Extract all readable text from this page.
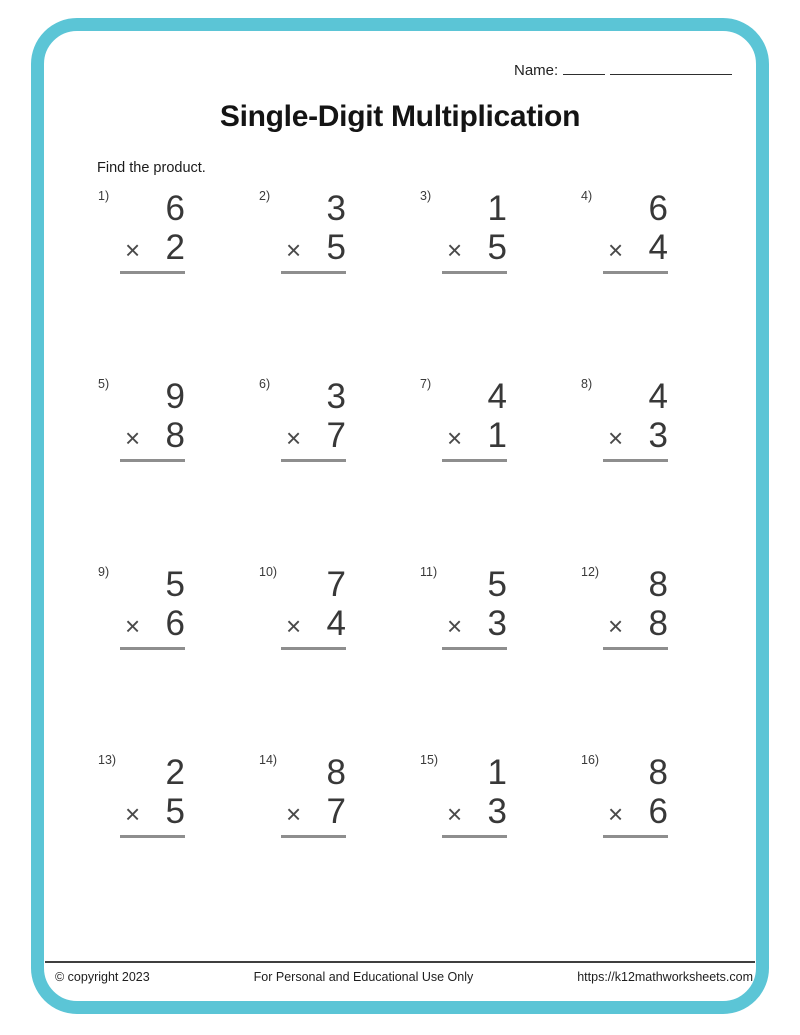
Name:
Single-Digit Multiplication
Find the product.
1)	6
× 2
2)	3
× 5
3)	1
× 5
4)	6
× 4
5)	9
× 8
6)	3
× 7
7)	4
× 1
8)	4
× 3
9)	5
× 6
10)	7
× 4
11)	5
× 3
12)	8
× 8
13)	2
× 5
14)	8
× 7
15)	1
× 3
16)	8
× 6
© copyright 2023	For Personal and Educational Use Only	https://k12mathworksheets.com
